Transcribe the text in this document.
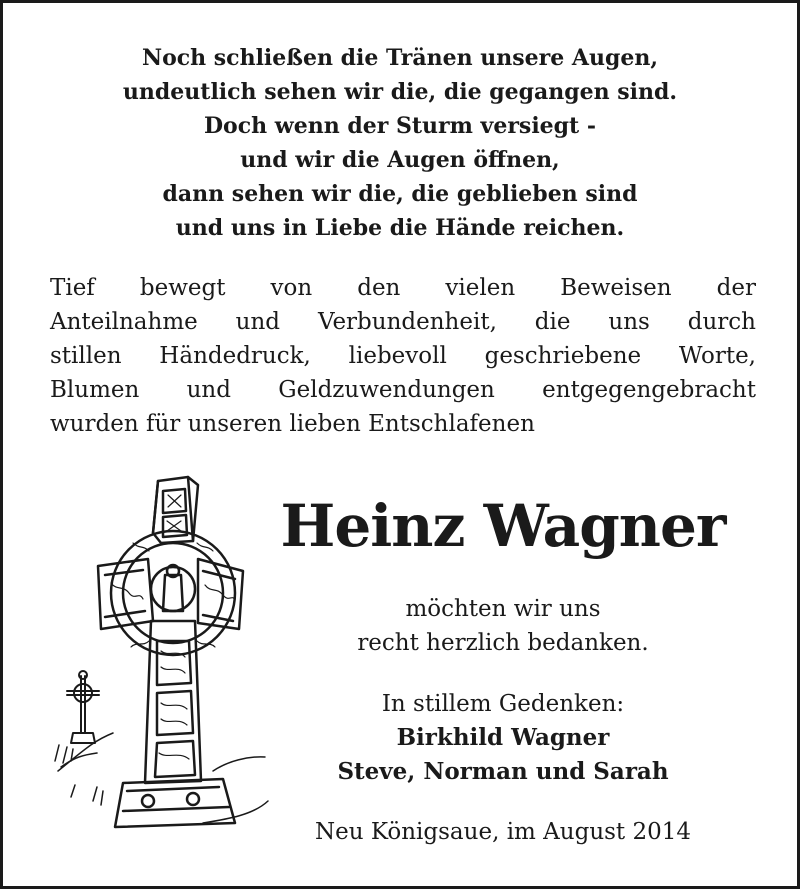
Noch schließen die Tränen unsere Augen,
undeutlich sehen wir die, die gegangen sind.
Doch wenn der Sturm versiegt -
und wir die Augen öffnen,
dann sehen wir die, die geblieben sind
und uns in Liebe die Hände reichen.
Tief bewegt von den vielen Beweisen der
Anteilnahme und Verbundenheit, die uns durch
stillen Händedruck, liebevoll geschriebene Worte,
Blumen und Geldzuwendungen entgegengebracht
wurden für unseren lieben Entschlafenen
Heinz Wagner
möchten wir uns
recht herzlich bedanken.
In stillem Gedenken:
Birkhild Wagner
Steve, Norman und Sarah
Neu Königsaue, im August 2014
